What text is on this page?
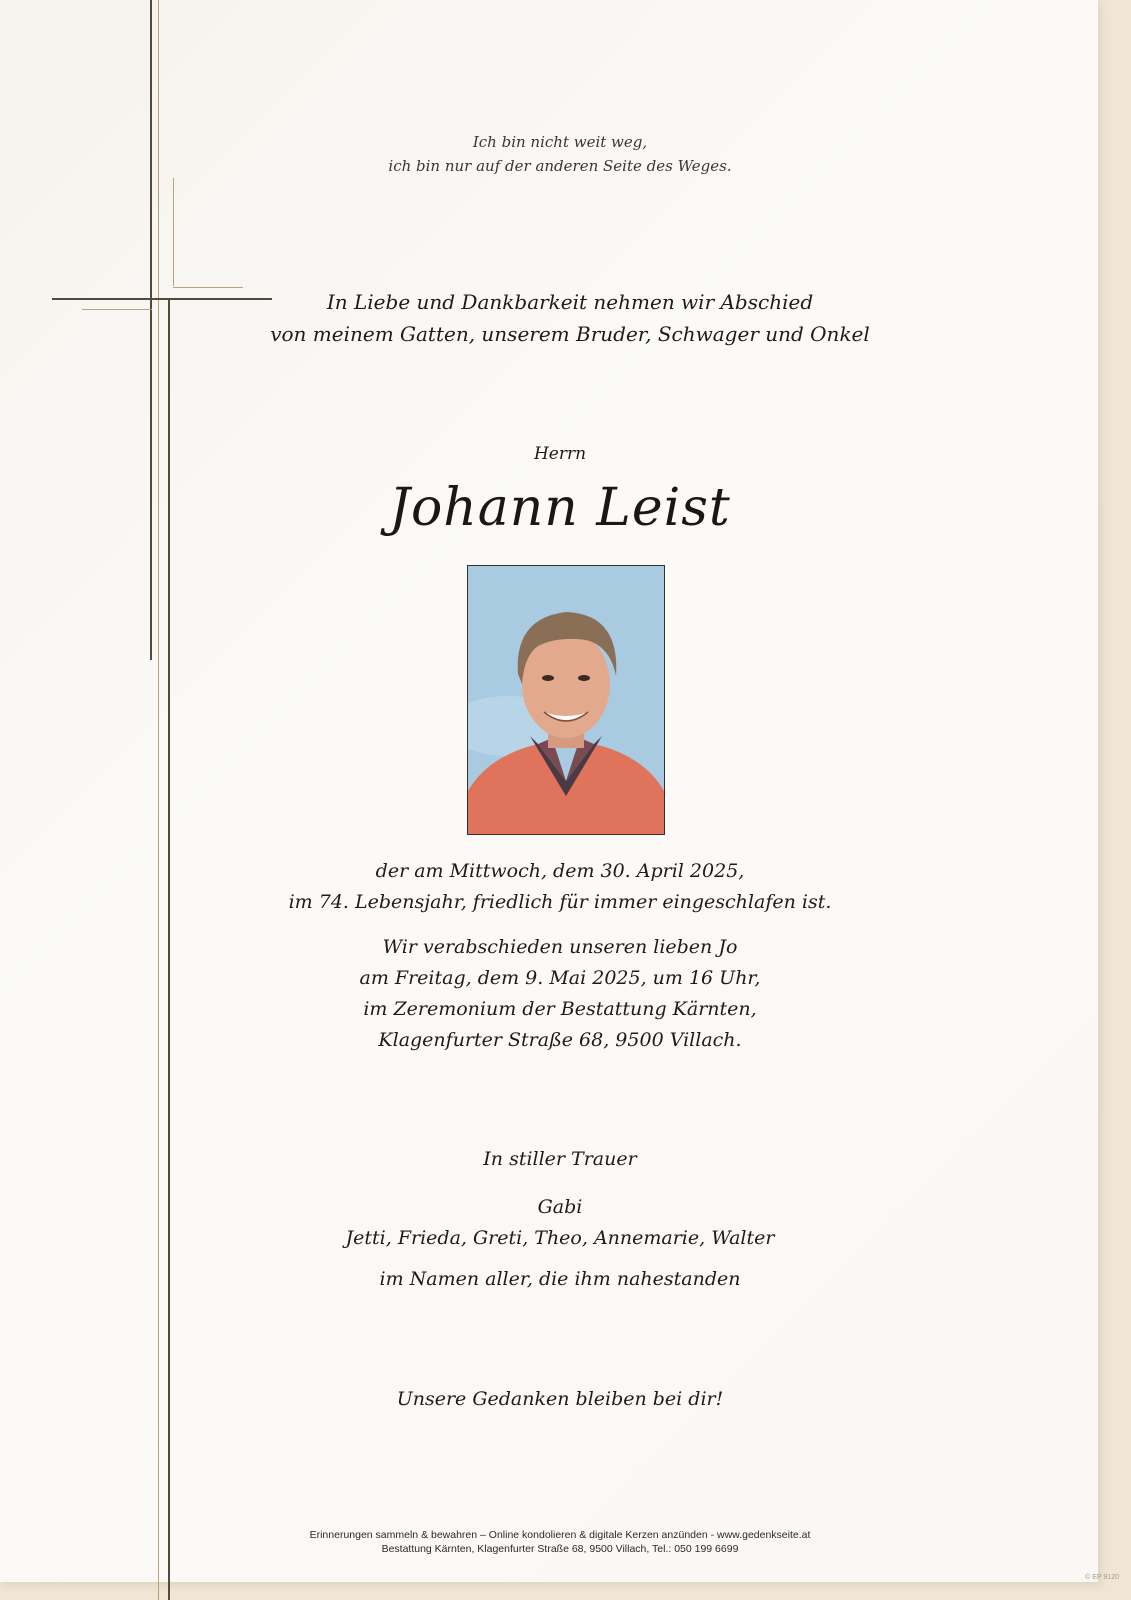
Ich bin nicht weit weg,
ich bin nur auf der anderen Seite des Weges.
In Liebe und Dankbarkeit nehmen wir Abschied
von meinem Gatten, unserem Bruder, Schwager und Onkel
Herrn
Johann Leist
der am Mittwoch, dem 30. April 2025,
im 74. Lebensjahr, friedlich für immer eingeschlafen ist.
Wir verabschieden unseren lieben Jo
am Freitag, dem 9. Mai 2025, um 16 Uhr,
im Zeremonium der Bestattung Kärnten,
Klagenfurter Straße 68, 9500 Villach.
In stiller Trauer
Gabi
Jetti, Frieda, Greti, Theo, Annemarie, Walter
im Namen aller, die ihm nahestanden
Unsere Gedanken bleiben bei dir!
Erinnerungen sammeln & bewahren – Online kondolieren & digitale Kerzen anzünden - www.gedenkseite.at
Bestattung Kärnten, Klagenfurter Straße 68, 9500 Villach, Tel.: 050 199 6699
© EP 9120
